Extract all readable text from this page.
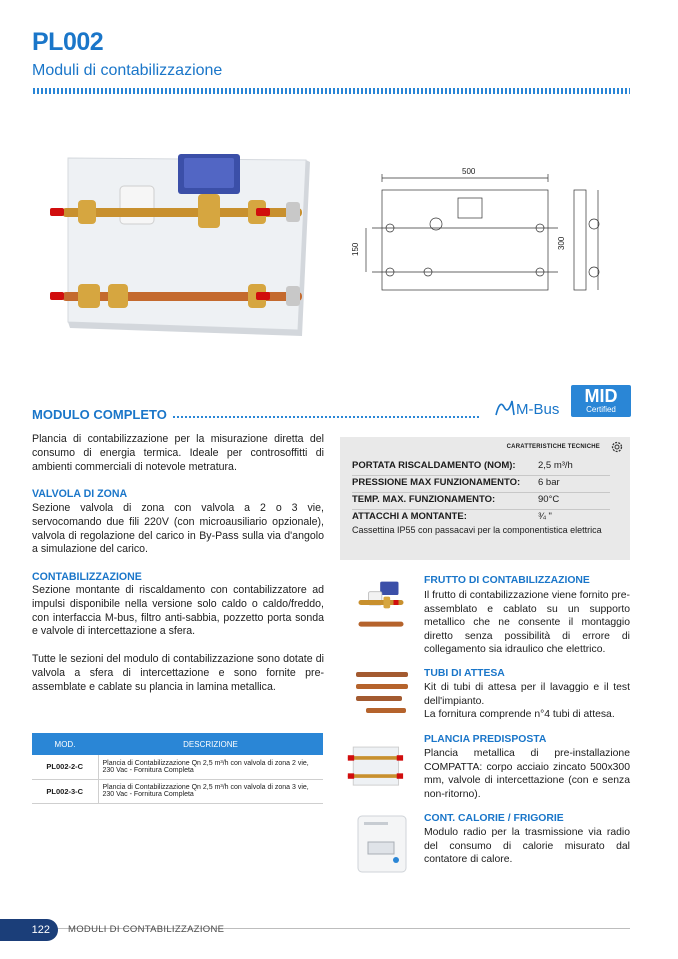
PL002
Moduli di contabilizzazione
500
150	300
MODULO COMPLETO	M-Bus
MID
Certified
Plancia di contabilizzazione per la misurazione diretta del consumo di energia termica. Ideale per controsoffitti di ambienti commerciali di notevole metratura.
VALVOLA DI ZONA
Sezione valvola di zona con valvola a 2 o 3 vie, servocomando due fili 220V (con microausiliario opzionale), valvola di regolazione del carico in By-Pass sulla via d'angolo a simulazione del carico.
CONTABILIZZAZIONE
Sezione montante di riscaldamento con contabilizzatore ad impulsi disponibile nella versione solo caldo o caldo/freddo, con interfaccia M-bus, filtro anti-sabbia, pozzetto porta sonda e valvole di intercettazione a sfera.
Tutte le sezioni del modulo di contabilizzazione sono dotate di valvola a sfera di intercettazione e sono fornite pre-assemblate e cablate su plancia in lamina metallica.
CARATTERISTICHE TECNICHE
PORTATA RISCALDAMENTO (NOM): 2,5 m³/h
PRESSIONE MAX FUNZIONAMENTO: 6 bar
TEMP. MAX. FUNZIONAMENTO:	90°C
ATTACCHI A MONTANTE:	¾ "
Cassettina IP55 con passacavi per la componentistica elettrica
MOD.	DESCRIZIONE
PL002-2-C	Plancia di Contabilizzazione Qn 2,5 m³/h con valvola di zona 2 vie, 230 Vac - Fornitura Completa
PL002-3-C	Plancia di Contabilizzazione Qn 2,5 m³/h con valvola di zona 3 vie, 230 Vac - Fornitura Completa
FRUTTO DI CONTABILIZZAZIONE
Il frutto di contabilizzazione viene fornito pre-assemblato e cablato su un supporto metallico che ne consente il montaggio diretto senza possibilità di errore di collegamento sia idraulico che elettrico.
TUBI DI ATTESA
Kit di tubi di attesa per il lavaggio e il test dell'impianto.
La fornitura comprende n°4 tubi di attesa.
PLANCIA PREDISPOSTA
Plancia metallica di pre-installazione COMPATTA: corpo acciaio zincato 500x300 mm, valvole di intercettazione (con e senza non-ritorno).
CONT. CALORIE / FRIGORIE
Modulo radio per la trasmissione via radio del consumo di calorie misurato dal contatore di calore.
122	MODULI DI CONTABILIZZAZIONE
